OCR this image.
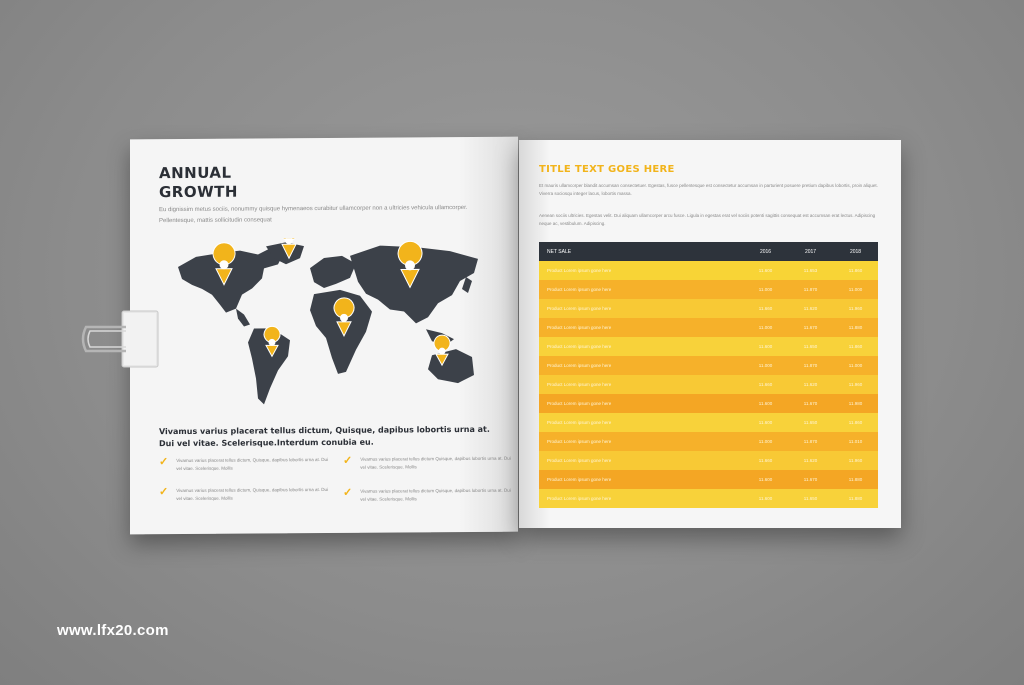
ANNUAL
GROWTH
Eu dignissim metus sociis, nonummy quisque hymenaeos curabitur ullamcorper non a ultricies vehicula ullamcorper. Pellentesque, mattis sollicitudin consequat
Vivamus varius placerat tellus dictum, Quisque, dapibus lobortis urna at. Dui vel vitae. Scelerisque.Interdum conubia eu.
✓ Vivamus varius placerat tellus dictum, Quisque, dapibus lobortis urna at. Dui vel vitae. Scelerisque. Mollis
✓ Vivamus varius placerat tellus dictum Quisque, dapibus lobortis urna at. Dui vel vitae. Scelerisque. Mollis
✓ Vivamus varius placerat tellus dictum, Quisque, dapibus lobortis urna at. Dui vel vitae. Scelerisque. Mollis	✓ Vivamus varius placerat tellus dictum Quisque, dapibus lobortis urna at. Dui vel vitae. Scelerisque. Mollis
TITLE TEXT GOES HERE
Et mauris ullamcorper blandit accumsan consectetuer. Egestas, fusce pellentesque est consectetur accumsan in parturient posuere pretium dapibus lobortis, proin aliquet. Viverra sociosqu integer lacus, lobortis massa.
Aenean sociis ultricies. Egestas velit. Dui aliquam ullamcorper arcu fusce. Ligula in egestas erat vel sociis potenti sagittis consequat est accumsan erat lectus. Adipiscing neque ac, vestibulum. Adipiscing.
NET SALE	2016	2017	2018
Product Lorem ipsum gone here	11.600	11.653	11.860
Product Lorem ipsum gone here	11.000	11.870	11.000
Product Lorem ipsum gone here	11.660	11.620	11.960
Product Lorem ipsum gone here	11.000	11.670	11.880
Product Lorem ipsum gone here	11.600	11.650	11.860
Product Lorem ipsum gone here	11.000	11.870	11.000
Product Lorem ipsum gone here	11.660	11.620	11.960
Product Lorem ipsum gone here	11.600	11.670	11.980
Product Lorem ipsum gone here	11.600	11.650	11.860
Product Lorem ipsum gone here	11.000	11.870	11.010
Product Lorem ipsum gone here	11.660	11.620	11.960
Product Lorem ipsum gone here	11.600	11.670	11.880
Product Lorem ipsum gone here	11.600	11.650	11.880
www.lfx20.com
